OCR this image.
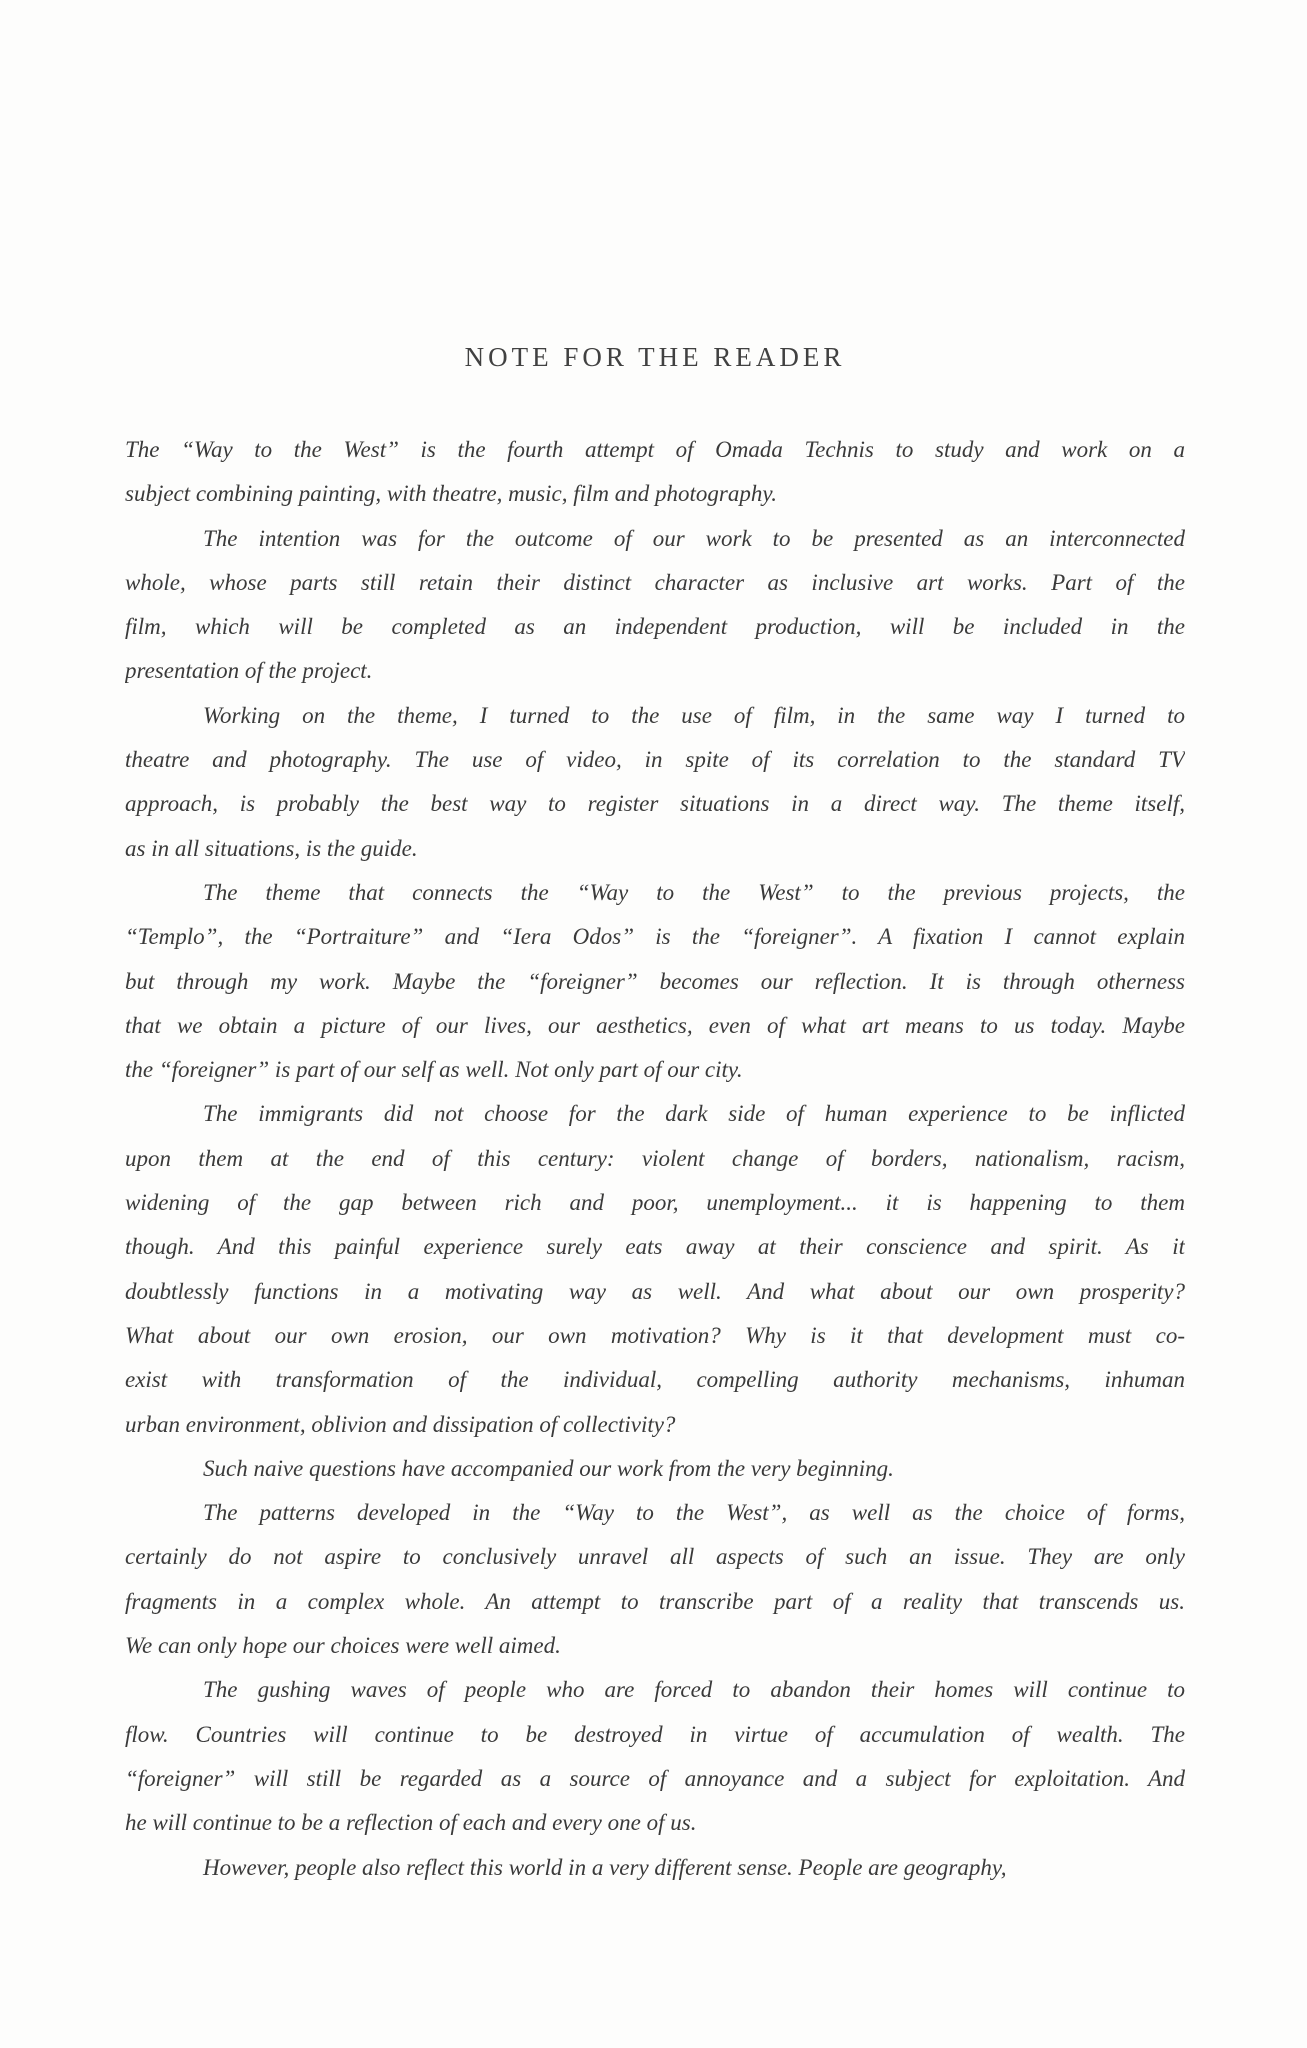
NOTE FOR THE READER
The “Way to the West” is the fourth attempt of Omada Technis to study and work on a
subject combining painting, with theatre, music, film and photography.
The intention was for the outcome of our work to be presented as an interconnected
whole, whose parts still retain their distinct character as inclusive art works. Part of the
film, which will be completed as an independent production, will be included in the
presentation of the project.
Working on the theme, I turned to the use of film, in the same way I turned to
theatre and photography. The use of video, in spite of its correlation to the standard TV
approach, is probably the best way to register situations in a direct way. The theme itself,
as in all situations, is the guide.
The theme that connects the “Way to the West” to the previous projects, the
“Templo”, the “Portraiture” and “Iera Odos” is the “foreigner”. A fixation I cannot explain
but through my work. Maybe the “foreigner” becomes our reflection. It is through otherness
that we obtain a picture of our lives, our aesthetics, even of what art means to us today. Maybe
the “foreigner” is part of our self as well. Not only part of our city.
The immigrants did not choose for the dark side of human experience to be inflicted
upon them at the end of this century: violent change of borders, nationalism, racism,
widening of the gap between rich and poor, unemployment... it is happening to them
though. And this painful experience surely eats away at their conscience and spirit. As it
doubtlessly functions in a motivating way as well. And what about our own prosperity?
What about our own erosion, our own motivation? Why is it that development must co-
exist with transformation of the individual, compelling authority mechanisms, inhuman
urban environment, oblivion and dissipation of collectivity?
Such naive questions have accompanied our work from the very beginning.
The patterns developed in the “Way to the West”, as well as the choice of forms,
certainly do not aspire to conclusively unravel all aspects of such an issue. They are only
fragments in a complex whole. An attempt to transcribe part of a reality that transcends us.
We can only hope our choices were well aimed.
The gushing waves of people who are forced to abandon their homes will continue to
flow. Countries will continue to be destroyed in virtue of accumulation of wealth. The
“foreigner” will still be regarded as a source of annoyance and a subject for exploitation. And
he will continue to be a reflection of each and every one of us.
However, people also reflect this world in a very different sense. People are geography,
